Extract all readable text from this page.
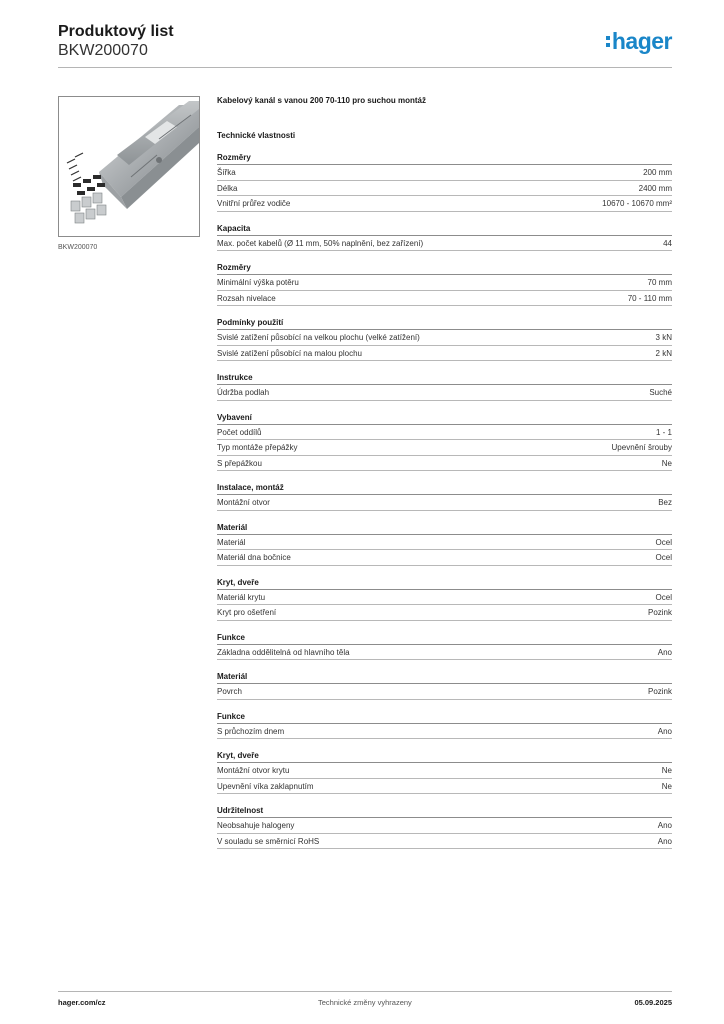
Produktový list
BKW200070	hager
BKW200070
Kabelový kanál s vanou 200 70-110 pro suchou montáž
Technické vlastnosti
Rozměry
Šířka	200 mm
Délka	2400 mm
Vnitřní průřez vodiče	10670 - 10670 mm²
Kapacita
Max. počet kabelů (Ø 11 mm, 50% naplnění, bez zařízení)	44
Rozměry
Minimální výška potěru	70 mm
Rozsah nivelace	70 - 110 mm
Podmínky použití
Svislé zatížení působící na velkou plochu (velké zatížení)	3 kN
Svislé zatížení působící na malou plochu	2 kN
Instrukce
Údržba podlah	Suché
Vybavení
Počet oddílů	1 - 1
Typ montáže přepážky	Upevnění šrouby
S přepážkou	Ne
Instalace, montáž
Montážní otvor	Bez
Materiál
Materiál	Ocel
Materiál dna bočnice	Ocel
Kryt, dveře
Materiál krytu	Ocel
Kryt pro ošetření	Pozink
Funkce
Základna oddělitelná od hlavního těla	Ano
Materiál
Povrch	Pozink
Funkce
S průchozím dnem	Ano
Kryt, dveře
Montážní otvor krytu	Ne
Upevnění víka zaklapnutím	Ne
Udržitelnost
Neobsahuje halogeny	Ano
V souladu se směrnicí RoHS	Ano
hager.com/cz	Technické změny vyhrazeny	05.09.2025
